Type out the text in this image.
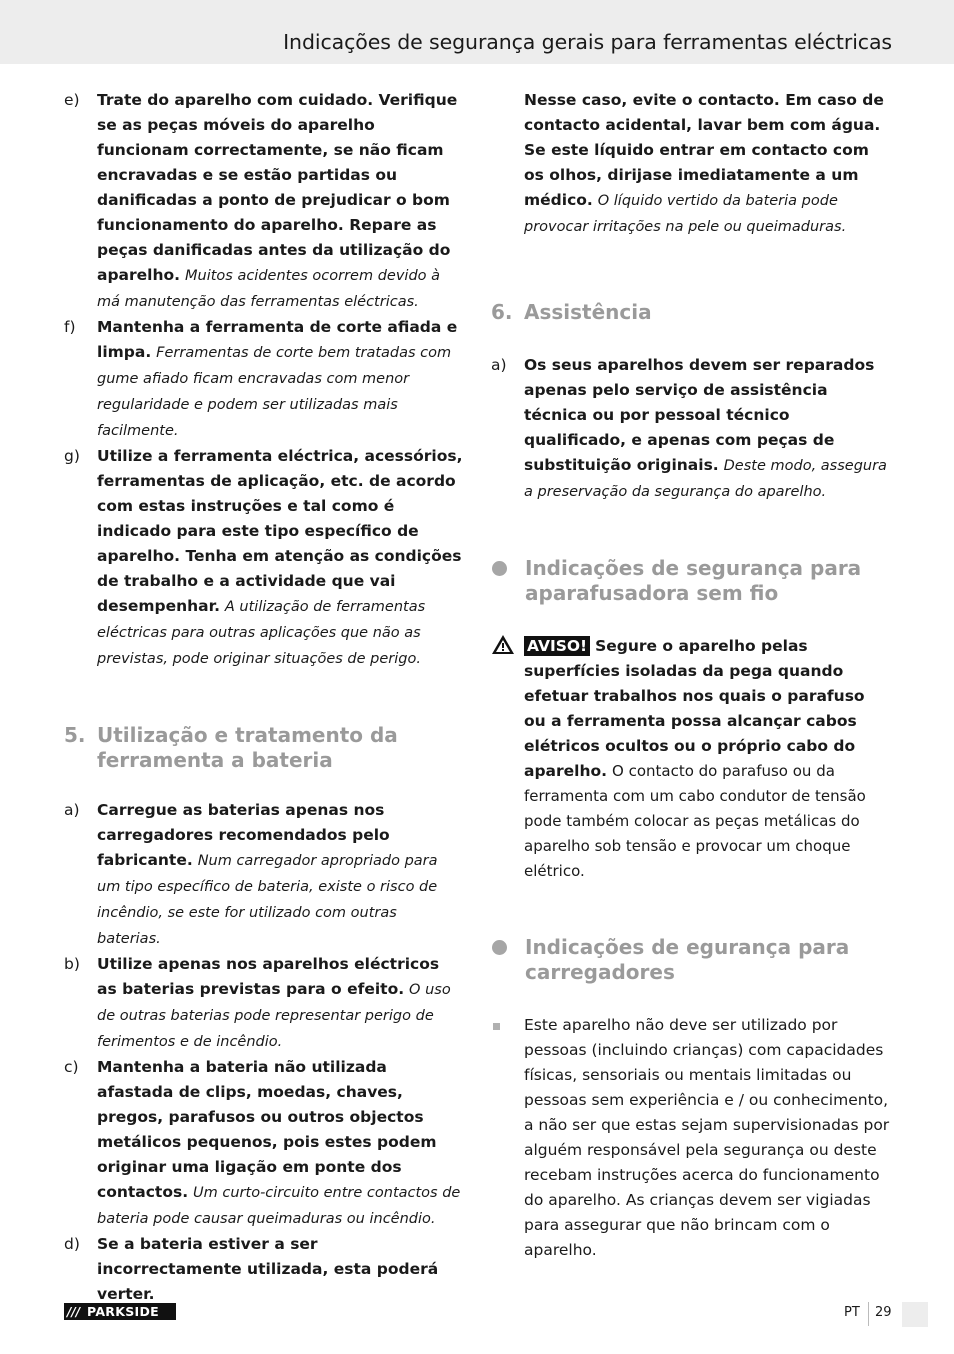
Indicações de segurança gerais para ferramentas eléctricas
e)	Trate do aparelho com cuidado. Verifique se as peças móveis do aparelho funcionam correctamente, se não ficam encravadas e se estão partidas ou danificadas a ponto de prejudicar o bom funcionamento do aparelho. Repare as peças danificadas antes da utilização do aparelho. Muitos acidentes ocorrem devido à má manutenção das ferramentas eléctricas.
f)	Mantenha a ferramenta de corte afiada e limpa. Ferramentas de corte bem tratadas com gume afiado ficam encravadas com menor regularidade e podem ser utilizadas mais facilmente.
g)	Utilize a ferramenta eléctrica, acessórios, ferramentas de aplicação, etc. de acordo com estas instruções e tal como é indicado para este tipo específico de aparelho. Tenha em atenção as condições de trabalho e a actividade que vai desempenhar. A utilização de ferramentas eléctricas para outras aplicações que não as previstas, pode originar situações de perigo.
5. Utilização e tratamento da ferramenta a bateria
a)	Carregue as baterias apenas nos carregadores recomendados pelo fabricante. Num carregador apropriado para um tipo específico de bateria, existe o risco de incêndio, se este for utilizado com outras baterias.
b)	Utilize apenas nos aparelhos eléctricos as baterias previstas para o efeito. O uso de outras baterias pode representar perigo de ferimentos e de incêndio.
c)	Mantenha a bateria não utilizada afastada de clips, moedas, chaves, pregos, parafusos ou outros objectos metálicos pequenos, pois estes podem originar uma ligação em ponte dos contactos. Um curto-circuito entre contactos de bateria pode causar queimaduras ou incêndio.
d)	Se a bateria estiver a ser incorrectamente utilizada, esta poderá verter.
Nesse caso, evite o contacto. Em caso de contacto acidental, lavar bem com água. Se este líquido entrar em contacto com os olhos, dirijase imediatamente a um médico. O líquido vertido da bateria pode provocar irritações na pele ou queimaduras.
6. Assistência
a)	Os seus aparelhos devem ser reparados apenas pelo serviço de assistência técnica ou por pessoal técnico qualificado, e apenas com peças de substituição originais. Deste modo, assegura a preservação da segurança do aparelho.
Indicações de segurança para aparafusadora sem fio
AVISO! Segure o aparelho pelas superfícies isoladas da pega quando efetuar trabalhos nos quais o parafuso ou a ferramenta possa alcançar cabos elétricos ocultos ou o próprio cabo do aparelho. O contacto do parafuso ou da ferramenta com um cabo condutor de tensão pode também colocar as peças metálicas do aparelho sob tensão e provocar um choque elétrico.
Indicações de egurança para carregadores
Este aparelho não deve ser utilizado por pessoas (incluindo crianças) com capacidades físicas, sensoriais ou mentais limitadas ou pessoas sem experiência e / ou conhecimento, a não ser que estas sejam supervisionadas por alguém responsável pela segurança ou deste recebam instruções acerca do funcionamento do aparelho. As crianças devem ser vigiadas para assegurar que não brincam com o aparelho.
/// PARKSIDE	PT 29
